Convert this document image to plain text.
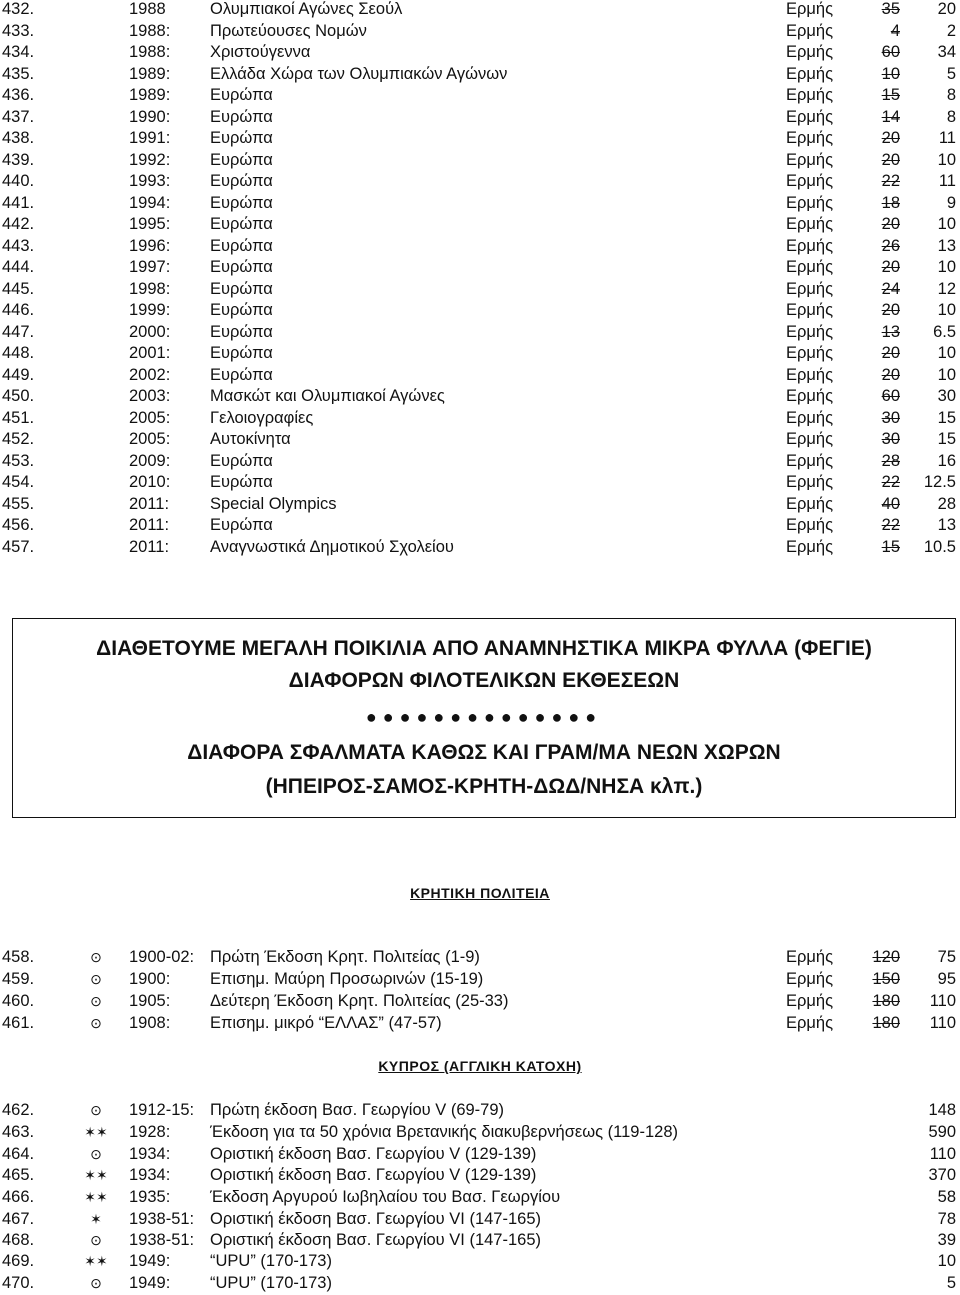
432.	1988	Ολυμπιακοί Αγώνες Σεούλ	Ερμής	35 20
433.	1988: Πρωτεύουσες Νομών	Ερμής	4	2
434.	1988: Χριστούγεννα	Ερμής	60 34
435.	1989: Ελλάδα Χώρα των Ολυμπιακών Αγώνων	Ερμής	10	5
436.	1989: Ευρώπα	Ερμής	15	8
437.	1990: Ευρώπα	Ερμής	14	8
438.	1991: Ευρώπα	Ερμής	20 11
439.	1992: Ευρώπα	Ερμής	20 10
440.	1993: Ευρώπα	Ερμής	22 11
441.	1994: Ευρώπα	Ερμής	18	9
442.	1995: Ευρώπα	Ερμής	20 10
443.	1996: Ευρώπα	Ερμής	26 13
444.	1997: Ευρώπα	Ερμής	20 10
445.	1998: Ευρώπα	Ερμής	24 12
446.	1999: Ευρώπα	Ερμής	20 10
447.	2000: Ευρώπα	Ερμής	13 6.5
448.	2001: Ευρώπα	Ερμής	20 10
449.	2002: Ευρώπα	Ερμής	20 10
450.	2003: Μασκώτ και Ολυμπιακοί Αγώνες	Ερμής	60 30
451.	2005: Γελοιογραφίες	Ερμής	30 15
452.	2005: Αυτοκίνητα	Ερμής	30 15
453.	2009: Ευρώπα	Ερμής	28 16
454.	2010: Ευρώπα	Ερμής	22 12.5
455.	2011: Special Olympics	Ερμής	40 28
456.	2011: Ευρώπα	Ερμής	22 13
457.	2011: Αναγνωστικά Δημοτικού Σχολείου	Ερμής	15 10.5
ΔΙΑΘΕΤΟΥΜΕ ΜΕΓΑΛΗ ΠΟΙΚΙΛΙΑ ΑΠΟ ΑΝΑΜΝΗΣΤΙΚΑ ΜΙΚΡΑ ΦΥΛΛΑ (ΦΕΓΙΕ)
ΔΙΑΦΟΡΩΝ ΦΙΛΟΤΕΛΙΚΩΝ ΕΚΘΕΣΕΩΝ
●●●●●●●●●●●●●●
ΔΙΑΦΟΡΑ ΣΦΑΛΜΑΤΑ ΚΑΘΩΣ ΚΑΙ ΓΡΑΜ/ΜΑ ΝΕΩΝ ΧΩΡΩΝ
(ΗΠΕΙΡΟΣ-ΣΑΜΟΣ-ΚΡΗΤΗ-ΔΩΔ/ΝΗΣΑ κλπ.)
ΚΡΗΤΙΚΗ ΠΟΛΙΤΕΙΑ
458.	⊙	1900-02: Πρώτη Έκδοση Κρητ. Πολιτείας (1-9)	Ερμής 120 75
459.	⊙	1900: Επισημ. Μαύρη Προσωρινών (15-19)	Ερμής 150 95
460.	⊙	1905: Δεύτερη Έκδοση Κρητ. Πολιτείας (25-33)	Ερμής 180 110
461.	⊙	1908: Επισημ. μικρό “ΕΛΛΑΣ” (47-57)	Ερμής 180 110
ΚΥΠΡΟΣ (ΑΓΓΛΙΚΗ ΚΑΤΟΧΗ)
462.	⊙	1912-15: Πρώτη έκδοση Βασ. Γεωργίου V (69-79)	148
463.	✶✶ 1928: Έκδοση για τα 50 χρόνια Βρετανικής διακυβερνήσεως (119-128)	590
464.	⊙	1934: Οριστική έκδοση Βασ. Γεωργίου V (129-139)	110
465.	✶✶ 1934: Οριστική έκδοση Βασ. Γεωργίου V (129-139)	370
466.	✶✶ 1935: Έκδοση Αργυρού Ιωβηλαίου του Βασ. Γεωργίου	58
467.	✶	1938-51: Οριστική έκδοση Βασ. Γεωργίου VI (147-165)	78
468.	⊙	1938-51: Οριστική έκδοση Βασ. Γεωργίου VI (147-165)	39
469.	✶✶ 1949: “UPU” (170-173)	10
470.	⊙	1949: “UPU” (170-173)	5
